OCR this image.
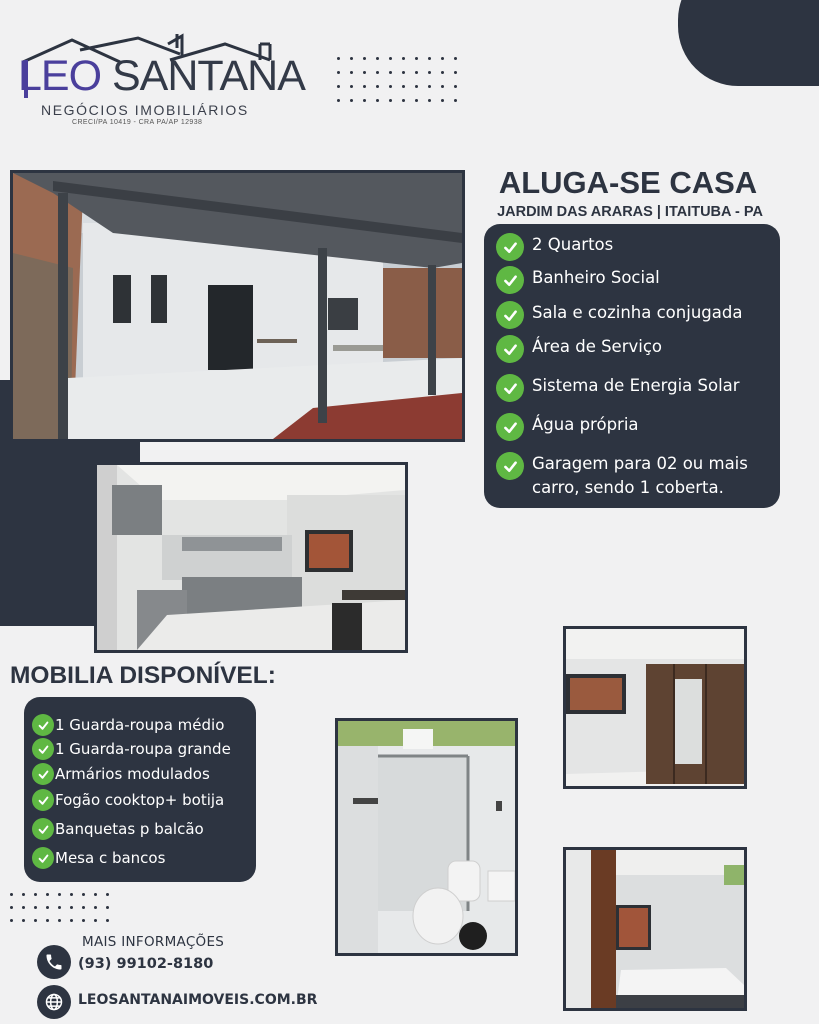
LEO SANTANA
NEGÓCIOS IMOBILIÁRIOS
CRECI/PA 10419 - CRA PA/AP 12938
ALUGA-SE CASA
JARDIM DAS ARARAS | ITAITUBA - PA
2 Quartos
Banheiro Social
Sala e cozinha conjugada
Área de Serviço
Sistema de Energia Solar
Água própria
Garagem para 02 ou mais
carro, sendo 1 coberta.
MOBILIA DISPONÍVEL:
1 Guarda-roupa médio
1 Guarda-roupa grande
Armários modulados
Fogão cooktop+ botija
Banquetas p balcão
Mesa c bancos
MAIS INFORMAÇÕES
(93) 99102-8180
LEOSANTANAIMOVEIS.COM.BR
